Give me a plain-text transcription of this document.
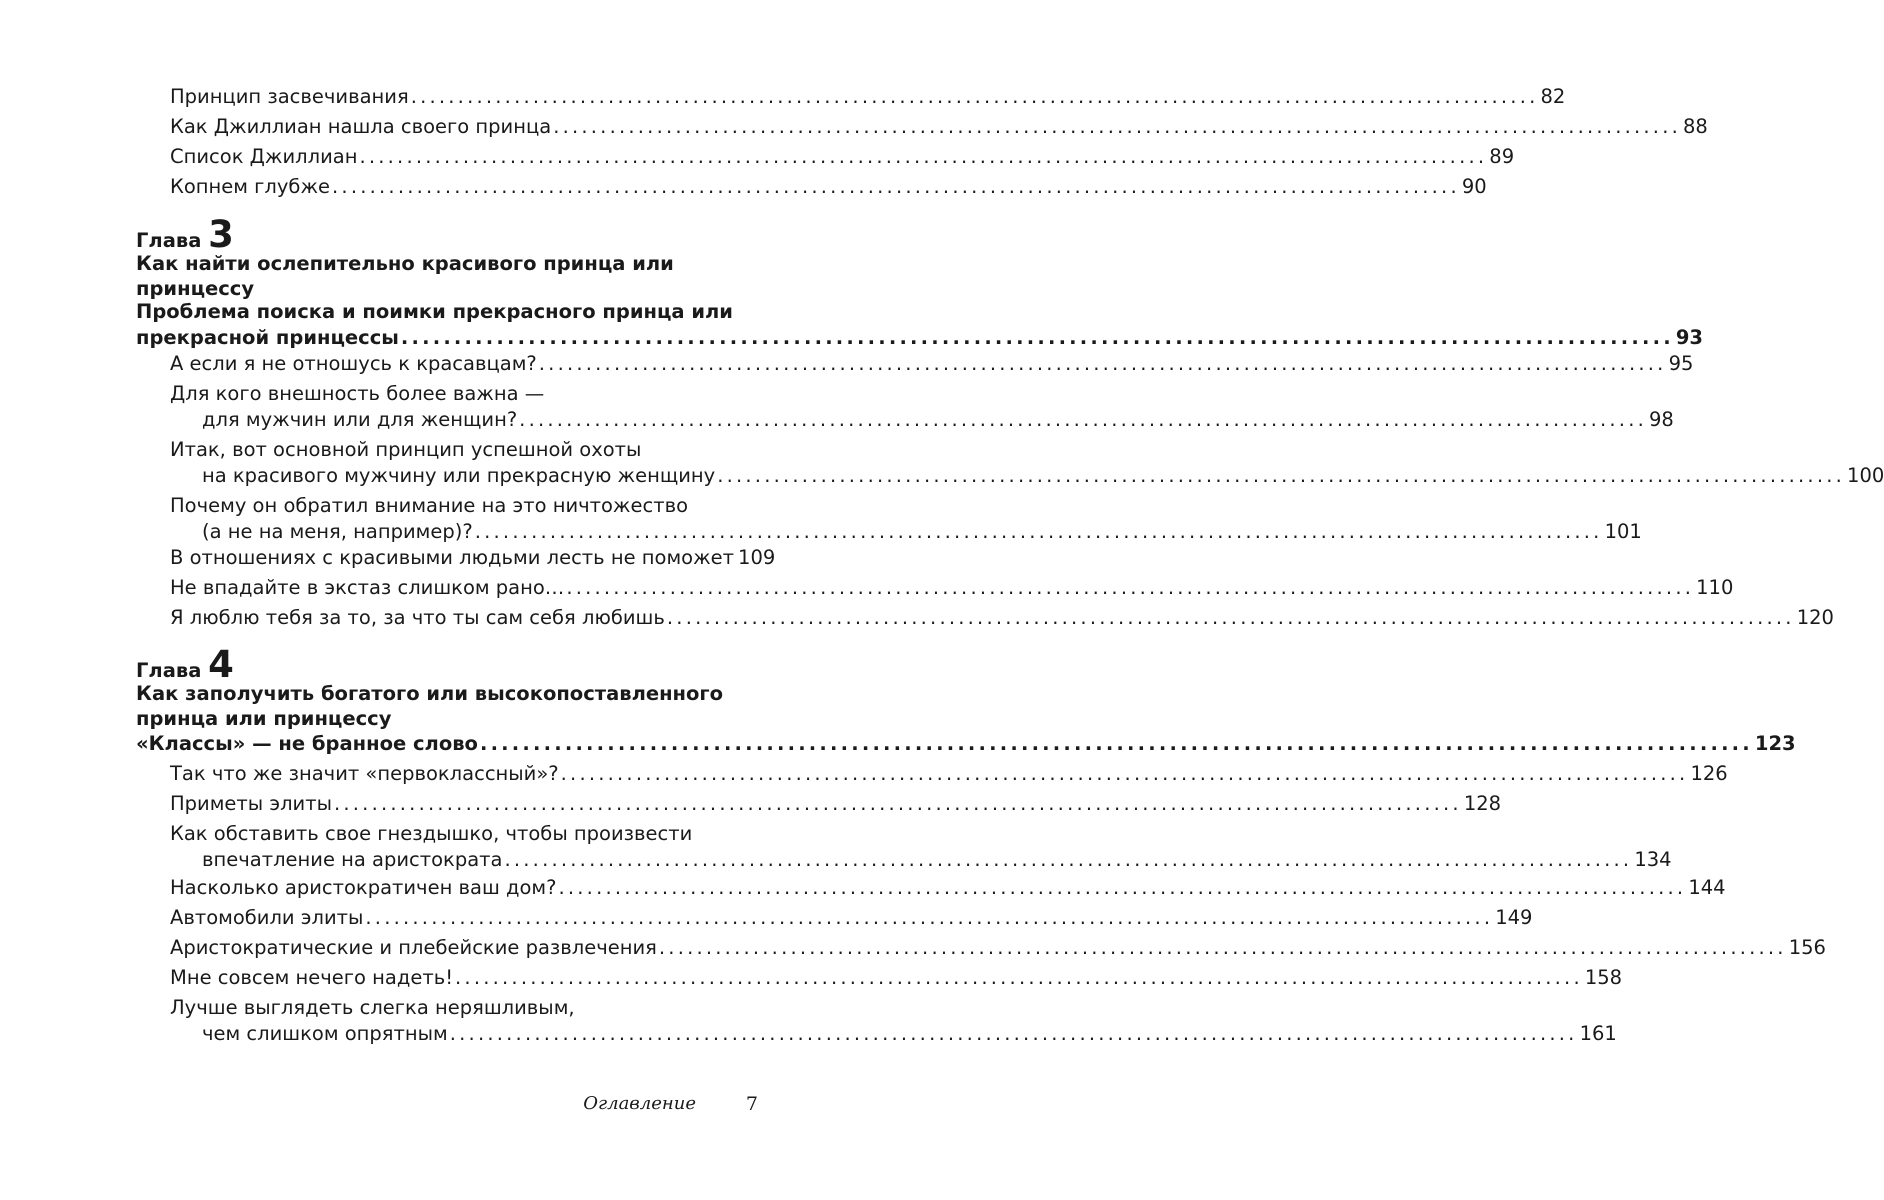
Принцип засвечивания ........................................................................................................................ 82
Как Джиллиан нашла своего принца ........................................................................................................................ 88
Список Джиллиан ........................................................................................................................ 89
Копнем глубже ........................................................................................................................ 90
Глава 3
Как найти ослепительно красивого принца или
принцессу
Проблема поиска и поимки прекрасного принца или
прекрасной принцессы ........................................................................................................................ 93
А если я не отношусь к красавцам? ........................................................................................................................ 95
Для кого внешность более важна —
для мужчин или для женщин? ........................................................................................................................ 98
Итак, вот основной принцип успешной охоты
на красивого мужчину или прекрасную женщину ........................................................................................................................ 100
Почему он обратил внимание на это ничтожество
(а не на меня, например)? ........................................................................................................................ 101
В отношениях с красивыми людьми лесть не поможет 109
Не впадайте в экстаз слишком рано… ........................................................................................................................ 110
Я люблю тебя за то, за что ты сам себя любишь ........................................................................................................................ 120
Глава 4
Как заполучить богатого или высокопоставленного
принца или принцессу
«Классы» — не бранное слово ........................................................................................................................ 123
Так что же значит «первоклассный»? ........................................................................................................................ 126
Приметы элиты ........................................................................................................................ 128
Как обставить свое гнездышко, чтобы произвести
впечатление на аристократа ........................................................................................................................ 134
Насколько аристократичен ваш дом? ........................................................................................................................ 144
Автомобили элиты ........................................................................................................................ 149
Аристократические и плебейские развлечения ........................................................................................................................ 156
Мне совсем нечего надеть! ........................................................................................................................ 158
Лучше выглядеть слегка неряшливым,
чем слишком опрятным ........................................................................................................................ 161
Оглавление	7
